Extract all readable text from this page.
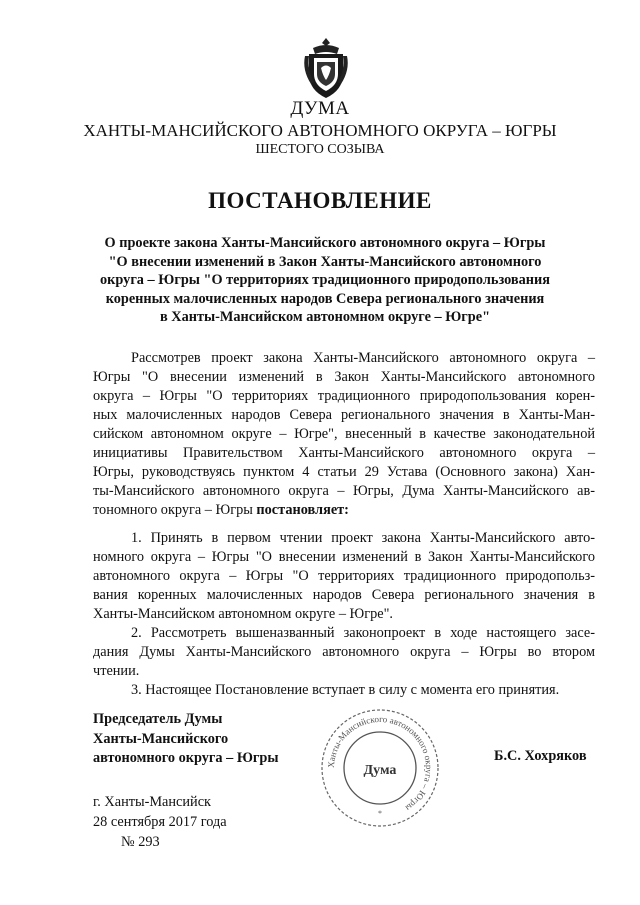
ДУМА
ХАНТЫ-МАНСИЙСКОГО АВТОНОМНОГО ОКРУГА – ЮГРЫ
ШЕСТОГО СОЗЫВА
ПОСТАНОВЛЕНИЕ
О проекте закона Ханты-Мансийского автономного округа – Югры
"О внесении изменений в Закон Ханты-Мансийского автономного
округа – Югры "О территориях традиционного природопользования
коренных малочисленных народов Севера регионального значения
в Ханты-Мансийском автономном округе – Югре"
Рассмотрев проект закона Ханты-Мансийского автономного округа –
Югры "О внесении изменений в Закон Ханты-Мансийского автономного
округа – Югры "О территориях традиционного природопользования корен-
ных малочисленных народов Севера регионального значения в Ханты-Ман-
сийском автономном округе – Югре", внесенный в качестве законодательной
инициативы Правительством Ханты-Мансийского автономного округа –
Югры, руководствуясь пунктом 4 статьи 29 Устава (Основного закона) Хан-
ты-Мансийского автономного округа – Югры, Дума Ханты-Мансийского ав-
тономного округа – Югры постановляет:
1. Принять в первом чтении проект закона Ханты-Мансийского авто-
номного округа – Югры "О внесении изменений в Закон Ханты-Мансийского
автономного округа – Югры "О территориях традиционного природопольз-
вания коренных малочисленных народов Севера регионального значения в
Ханты-Мансийском автономном округе – Югре".
2. Рассмотреть вышеназванный законопроект в ходе настоящего засе-
дания Думы Ханты-Мансийского автономного округа – Югры во втором
чтении.
3. Настоящее Постановление вступает в силу с момента его принятия.
Председатель Думы
Ханты-Мансийского
автономного округа – Югры	Ханты-Мансийского автономного округа – Югры
Дума
*
Б.С. Хохряков
г. Ханты-Мансийск
28 сентября 2017 года
№ 293
